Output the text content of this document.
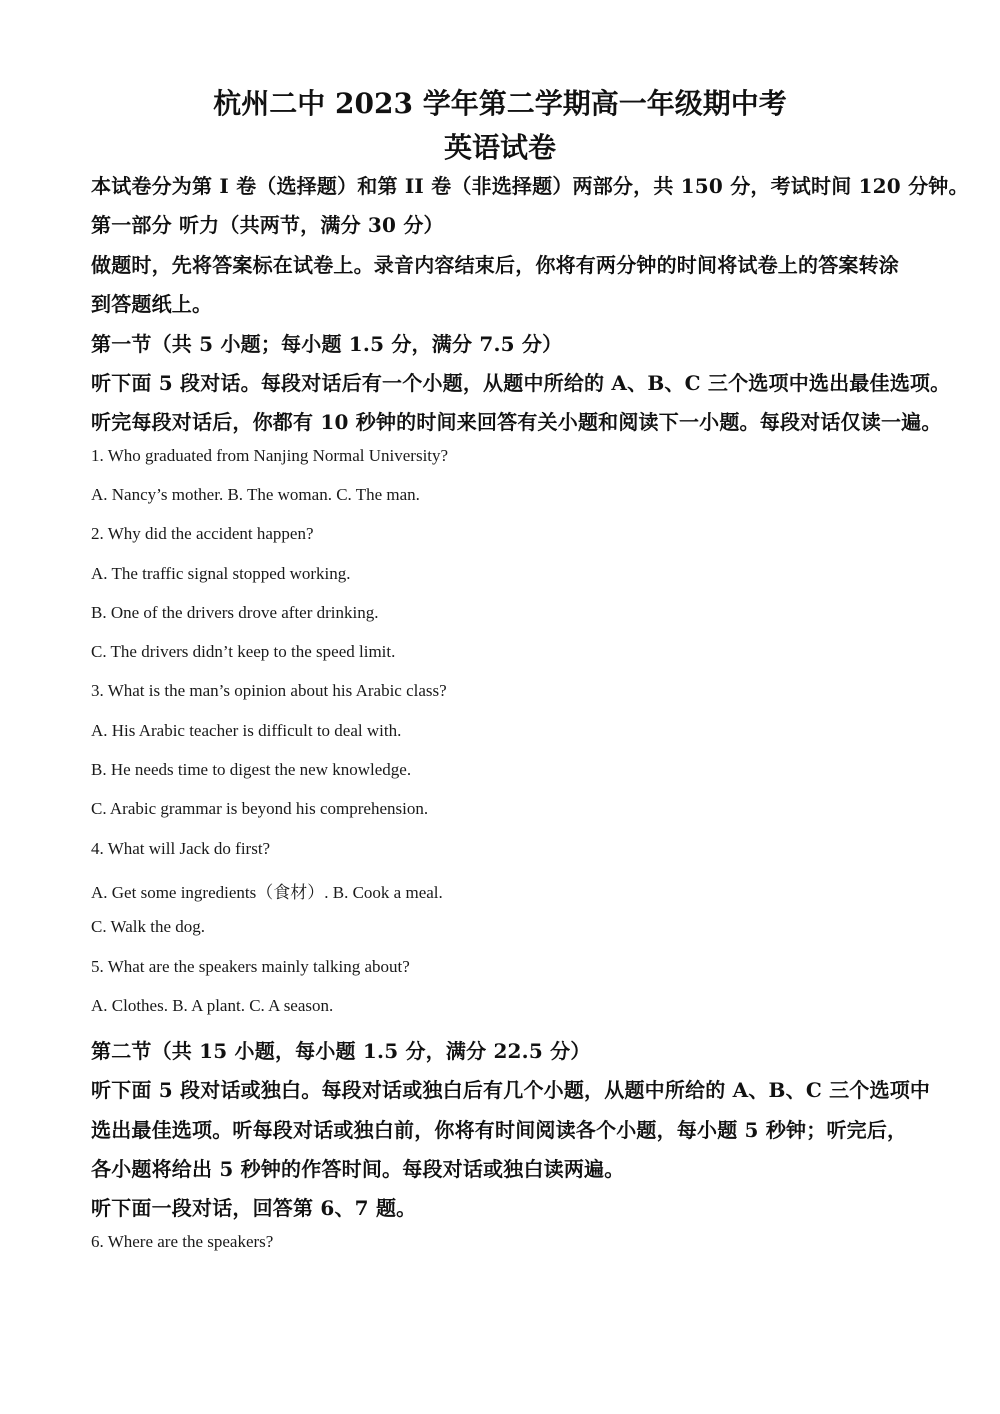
杭州二中 2023 学年第二学期高一年级期中考
英语试卷
本试卷分为第 I 卷（选择题）和第 II 卷（非选择题）两部分，共 150 分，考试时间 120 分钟。
第一部分 听力（共两节，满分 30 分）
做题时，先将答案标在试卷上。录音内容结束后，你将有两分钟的时间将试卷上的答案转涂
到答题纸上。
第一节（共 5 小题；每小题 1.5 分，满分 7.5 分）
听下面 5 段对话。每段对话后有一个小题，从题中所给的 A、B、C 三个选项中选出最佳选项。
听完每段对话后，你都有 10 秒钟的时间来回答有关小题和阅读下一小题。每段对话仅读一遍。
1. Who graduated from Nanjing Normal University?
A. Nancy’s mother. B. The woman. C. The man.
2. Why did the accident happen?
A. The traffic signal stopped working.
B. One of the drivers drove after drinking.
C. The drivers didn’t keep to the speed limit.
3. What is the man’s opinion about his Arabic class?
A. His Arabic teacher is difficult to deal with.
B. He needs time to digest the new knowledge.
C. Arabic grammar is beyond his comprehension.
4. What will Jack do first?
A. Get some ingredients（食材）. B. Cook a meal.
C. Walk the dog.
5. What are the speakers mainly talking about?
A. Clothes. B. A plant. C. A season.
第二节（共 15 小题，每小题 1.5 分，满分 22.5 分）
听下面 5 段对话或独白。每段对话或独白后有几个小题，从题中所给的 A、B、C 三个选项中
选出最佳选项。听每段对话或独白前，你将有时间阅读各个小题，每小题 5 秒钟；听完后，
各小题将给出 5 秒钟的作答时间。每段对话或独白读两遍。
听下面一段对话，回答第 6、7 题。
6. Where are the speakers?
